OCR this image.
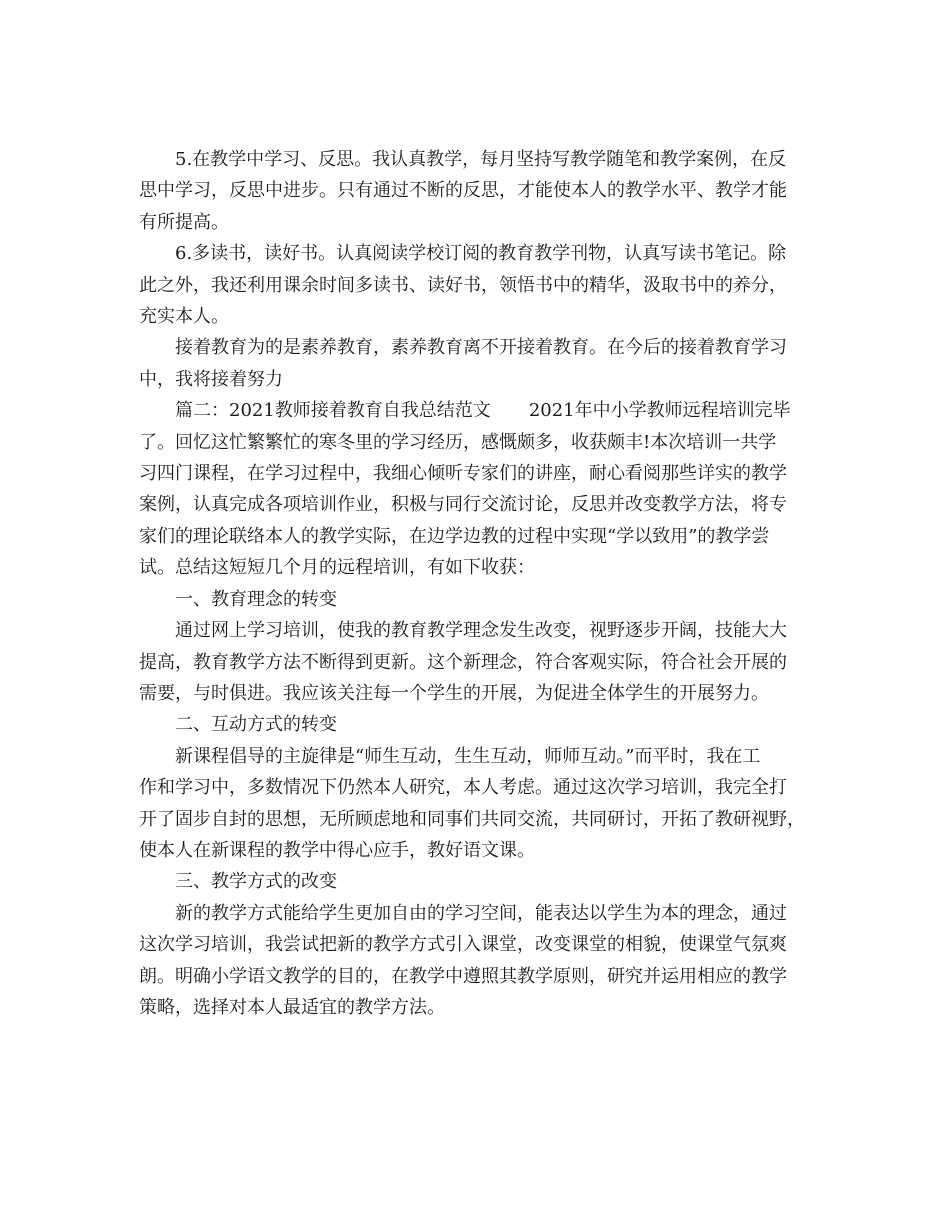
5.在教学中学习、反思。我认真教学，每月坚持写教学随笔和教学案例，在反
思中学习，反思中进步。只有通过不断的反思，才能使本人的教学水平、教学才能
有所提高。

6.多读书，读好书。认真阅读学校订阅的教育教学刊物，认真写读书笔记。除
此之外，我还利用课余时间多读书、读好书，领悟书中的精华，汲取书中的养分，
充实本人。

接着教育为的是素养教育，素养教育离不开接着教育。在今后的接着教育学习
中，我将接着努力

篇二：2021教师接着教育自我总结范文 2021年中小学教师远程培训完毕
了。回忆这忙繁繁忙的寒冬里的学习经历，感慨颇多，收获颇丰!本次培训一共学
习四门课程，在学习过程中，我细心倾听专家们的讲座，耐心看阅那些详实的教学
案例，认真完成各项培训作业，积极与同行交流讨论，反思并改变教学方法，将专
家们的理论联络本人的教学实际，在边学边教的过程中实现“学以致用”的教学尝
试。总结这短短几个月的远程培训，有如下收获：

一、教育理念的转变

通过网上学习培训，使我的教育教学理念发生改变，视野逐步开阔，技能大大
提高，教育教学方法不断得到更新。这个新理念，符合客观实际，符合社会开展的
需要，与时俱进。我应该关注每一个学生的开展，为促进全体学生的开展努力。

二、互动方式的转变

新课程倡导的主旋律是“师生互动，生生互动，师师互动。”而平时，我在工
作和学习中，多数情况下仍然本人研究，本人考虑。通过这次学习培训，我完全打
开了固步自封的思想，无所顾虑地和同事们共同交流，共同研讨，开拓了教研视野，
使本人在新课程的教学中得心应手，教好语文课。

三、教学方式的改变

新的教学方式能给学生更加自由的学习空间，能表达以学生为本的理念，通过
这次学习培训，我尝试把新的教学方式引入课堂，改变课堂的相貌，使课堂气氛爽
朗。明确小学语文教学的目的，在教学中遵照其教学原则，研究并运用相应的教学
策略，选择对本人最适宜的教学方法。
